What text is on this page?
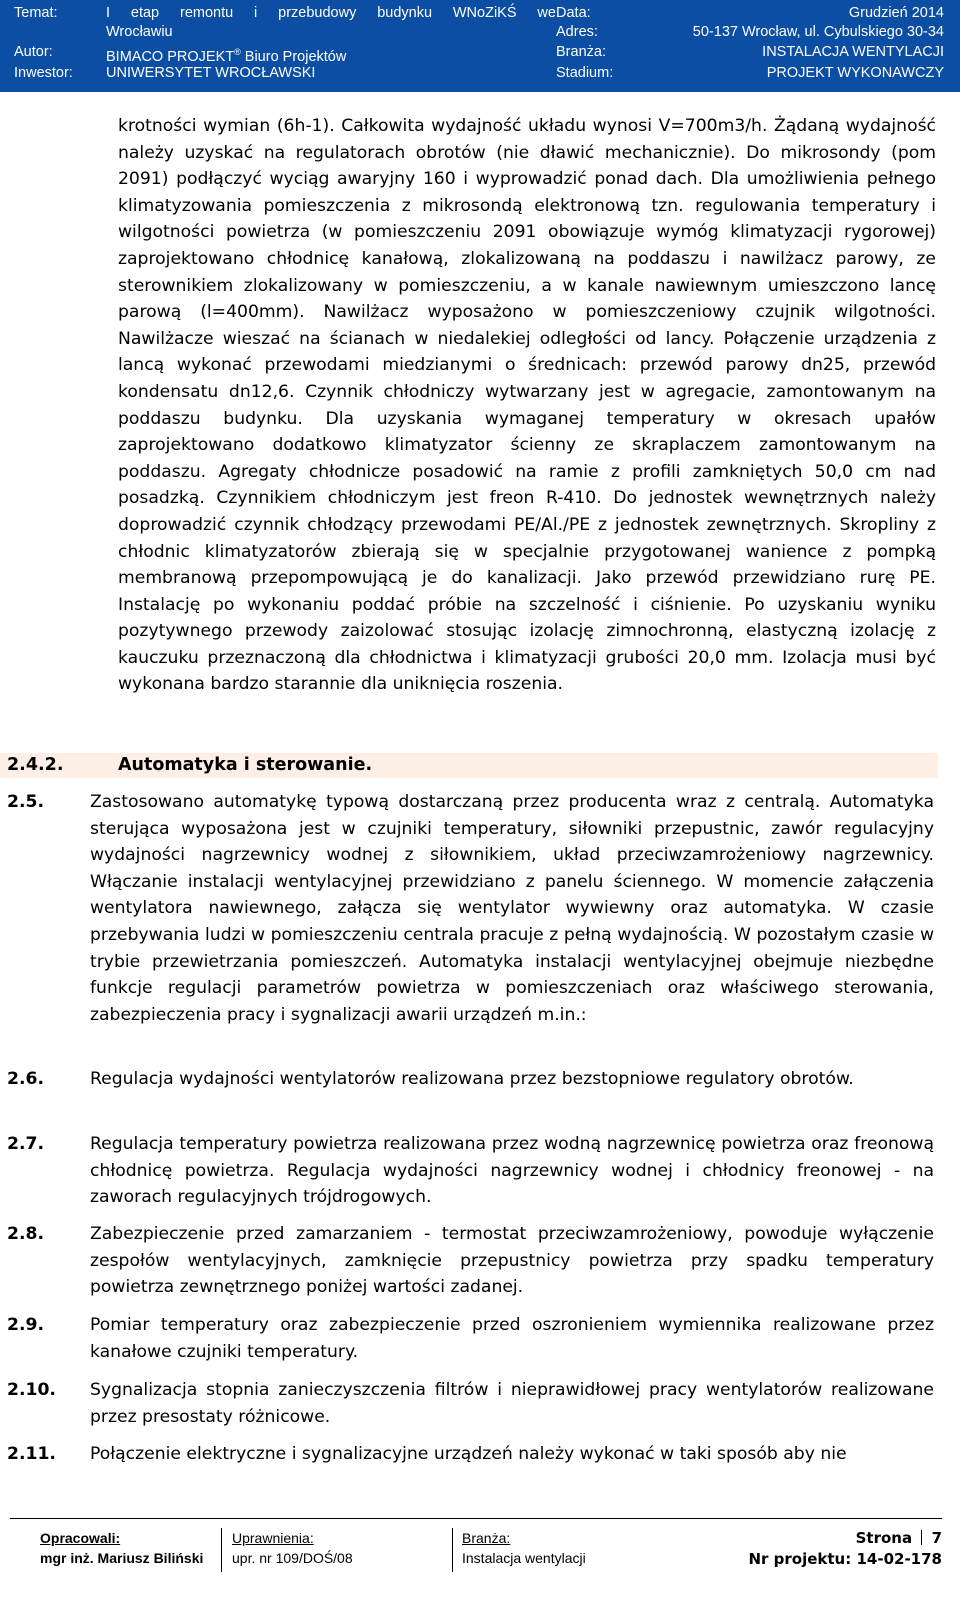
Temat:	I etap remontu i przebudowy budynku WNoZiKŚ we
Wrocławiu
Data:	Grudzień 2014
Adres:	50-137 Wrocław, ul. Cybulskiego 30-34
Autor:	BIMACO PROJEKT® Biuro Projektów	Branża:	INSTALACJA WENTYLACJI
Inwestor: UNIWERSYTET WROCŁAWSKI	Stadium:	PROJEKT WYKONAWCZY

krotności wymian (6h-1). Całkowita wydajność układu wynosi V=700m3/h. Żądaną wydajność należy uzyskać na regulatorach obrotów (nie dławić mechanicznie). Do mikrosondy (pom 2091) podłączyć wyciąg awaryjny 160 i wyprowadzić ponad dach. Dla umożliwienia pełnego klimatyzowania pomieszczenia z mikrosondą elektronową tzn. regulowania temperatury i wilgotności powietrza (w pomieszczeniu 2091 obowiązuje wymóg klimatyzacji rygorowej) zaprojektowano chłodnicę kanałową, zlokalizowaną na poddaszu i nawilżacz parowy, ze sterownikiem zlokalizowany w pomieszczeniu, a w kanale nawiewnym umieszczono lancę parową (l=400mm). Nawilżacz wyposażono w pomieszczeniowy czujnik wilgotności. Nawilżacze wieszać na ścianach w niedalekiej odległości od lancy. Połączenie urządzenia z lancą wykonać przewodami miedzianymi o średnicach: przewód parowy dn25, przewód kondensatu dn12,6. Czynnik chłodniczy wytwarzany jest w agregacie, zamontowanym na poddaszu budynku. Dla uzyskania wymaganej temperatury w okresach upałów zaprojektowano dodatkowo klimatyzator ścienny ze skraplaczem zamontowanym na poddaszu. Agregaty chłodnicze posadowić na ramie z profili zamkniętych 50,0 cm nad posadzką. Czynnikiem chłodniczym jest freon R-410. Do jednostek wewnętrznych należy doprowadzić czynnik chłodzący przewodami PE/Al./PE z jednostek zewnętrznych. Skropliny z chłodnic klimatyzatorów zbierają się w specjalnie przygotowanej wanience z pompką membranową przepompowującą je do kanalizacji. Jako przewód przewidziano rurę PE. Instalację po wykonaniu poddać próbie na szczelność i ciśnienie. Po uzyskaniu wyniku pozytywnego przewody zaizolować stosując izolację zimnochronną, elastyczną izolację z kauczuku przeznaczoną dla chłodnictwa i klimatyzacji grubości 20,0 mm. Izolacja musi być wykonana bardzo starannie dla uniknięcia roszenia.

2.4.2.	Automatyka i sterowanie.
2.5.	Zastosowano automatykę typową dostarczaną przez producenta wraz z centralą. Automatyka sterująca wyposażona jest w czujniki temperatury, siłowniki przepustnic, zawór regulacyjny wydajności nagrzewnicy wodnej z siłownikiem, układ przeciwzamrożeniowy nagrzewnicy. Włączanie instalacji wentylacyjnej przewidziano z panelu ściennego. W momencie załączenia wentylatora nawiewnego, załącza się wentylator wywiewny oraz automatyka. W czasie przebywania ludzi w pomieszczeniu centrala pracuje z pełną wydajnością. W pozostałym czasie w trybie przewietrzania pomieszczeń. Automatyka instalacji wentylacyjnej obejmuje niezbędne funkcje regulacji parametrów powietrza w pomieszczeniach oraz właściwego sterowania, zabezpieczenia pracy i sygnalizacji awarii urządzeń m.in.:

2.6.	Regulacja wydajności wentylatorów realizowana przez bezstopniowe regulatory obrotów.

2.7.	Regulacja temperatury powietrza realizowana przez wodną nagrzewnicę powietrza oraz freonową chłodnicę powietrza. Regulacja wydajności nagrzewnicy wodnej i chłodnicy freonowej - na zaworach regulacyjnych trójdrogowych.

2.8.	Zabezpieczenie przed zamarzaniem - termostat przeciwzamrożeniowy, powoduje wyłączenie zespołów wentylacyjnych, zamknięcie przepustnicy powietrza przy spadku temperatury powietrza zewnętrznego poniżej wartości zadanej.

2.9.	Pomiar temperatury oraz zabezpieczenie przed oszronieniem wymiennika realizowane przez kanałowe czujniki temperatury.

2.10. Sygnalizacja stopnia zanieczyszczenia filtrów i nieprawidłowej pracy wentylatorów realizowane przez presostaty różnicowe.

2.11. Połączenie elektryczne i sygnalizacyjne urządzeń należy wykonać w taki sposób aby nie

Opracowali:
mgr inż. Mariusz Biliński
Uprawnienia:
upr. nr 109/DOŚ/08
Branża:
Instalacja wentylacji
Strona 7
Nr projektu: 14-02-178
